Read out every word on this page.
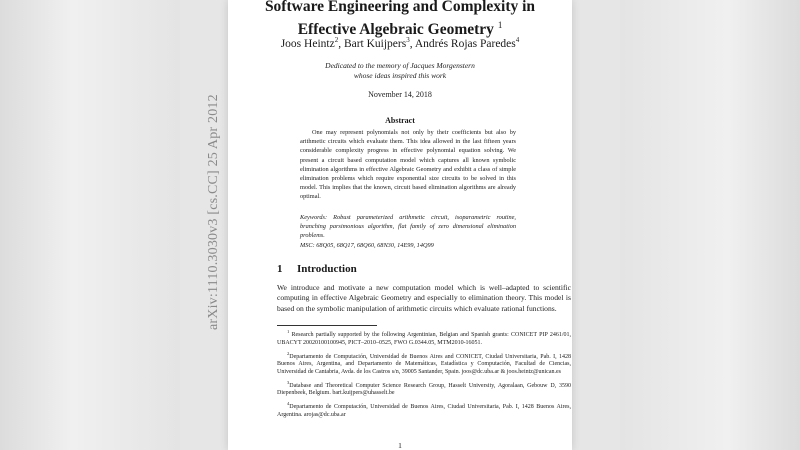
arXiv:1110.3030v3 [cs.CC] 25 Apr 2012
Software Engineering and Complexity in
Effective Algebraic Geometry $^1$
Joos Heintz$^2$, Bart Kuijpers$^3$, Andrés Rojas Paredes$^4$
Dedicated to the memory of Jacques Morgenstern
whose ideas inspired this work
November 14, 2018
Abstract

One may represent polynomials not only by their coefficients but also by arithmetic circuits which evaluate them. This idea allowed in the last fifteen years considerable complexity progress in effective polynomial equation solving. We present a circuit based computation model which captures all known symbolic elimination algorithms in effective Algebraic Geometry and exhibit a class of simple elimination problems which require exponential size circuits to be solved in this model. This implies that the known, circuit based elimination algorithms are already optimal.

Keywords: Robust parameterized arithmetic circuit, isoparametric routine, branching parsimonious algorithm, flat family of zero dimensional elimination problems.

MSC: 68Q05, 68Q17, 68Q60, 68N30, 14E99, 14Q99

1 Introduction

We introduce and motivate a new computation model which is well–adapted to scientific computing in effective Algebraic Geometry and especially to elimination theory. This model is based on the symbolic manipulation of arithmetic circuits which evaluate rational functions.

$^1$ Research partially supported by the following Argentinian, Belgian and Spanish grants: CONICET PIP 2461/01, UBACYT 20020100100945, PICT–2010–0525, FWO G.0344.05, MTM2010-16051.

$^2$Departamento de Computación, Universidad de Buenos Aires and CONICET, Ciudad Universitaria, Pab. I, 1428 Buenos Aires, Argentina, and Departamento de Matemáticas, Estadística y Computación, Facultad de Ciencias, Universidad de Cantabria, Avda. de los Castros s/n, 39005 Santander, Spain. joos@dc.uba.ar & joos.heintz@unican.es

$^3$Database and Theoretical Computer Science Research Group, Hasselt University, Agoralaan, Gebouw D, 3590 Diepenbeek, Belgium. bart.kuijpers@uhasselt.be

$^4$Departamento de Computación, Universidad de Buenos Aires, Ciudad Universitaria, Pab. I, 1428 Buenos Aires, Argentina. arojas@dc.uba.ar

1
